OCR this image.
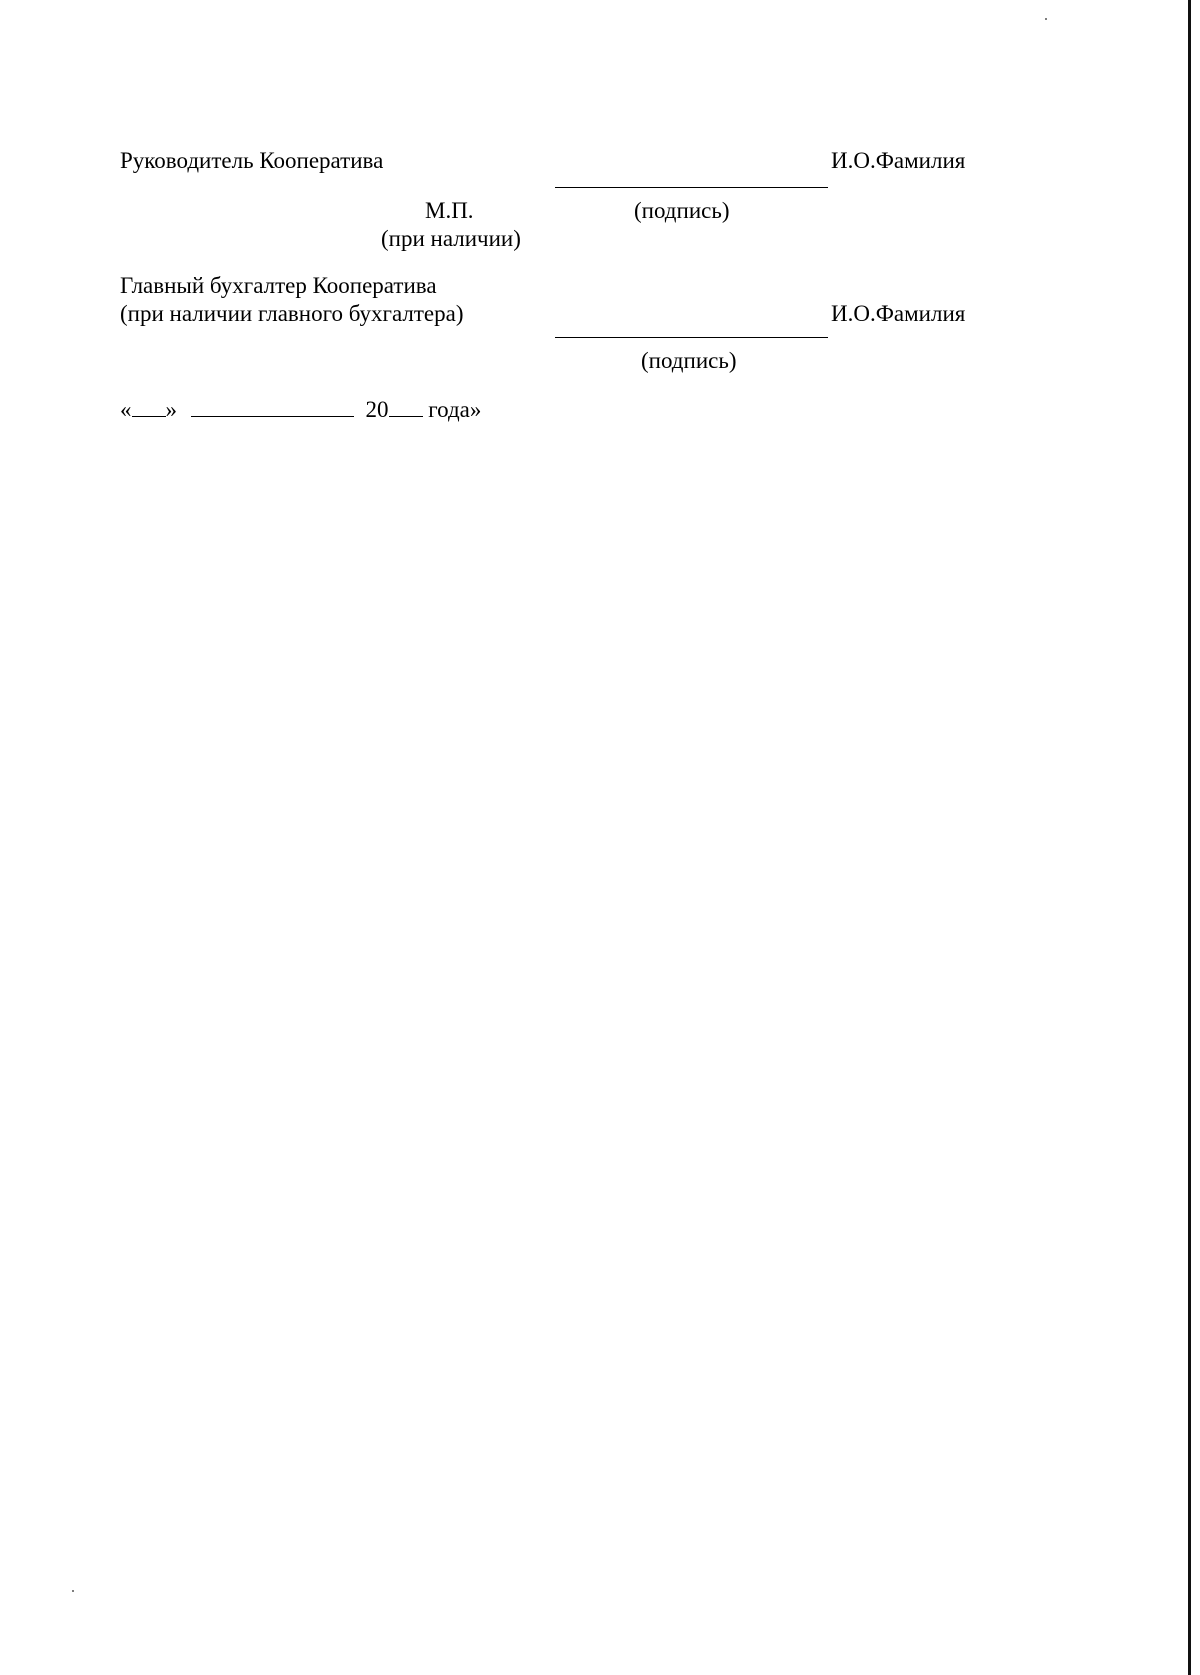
Руководитель Кооператива	И.О.Фамилия
(подпись)
М.П.
(при наличии)
Главный бухгалтер Кооператива
(при наличии главного бухгалтера)	И.О.Фамилия
(подпись)
« »	20 года»
